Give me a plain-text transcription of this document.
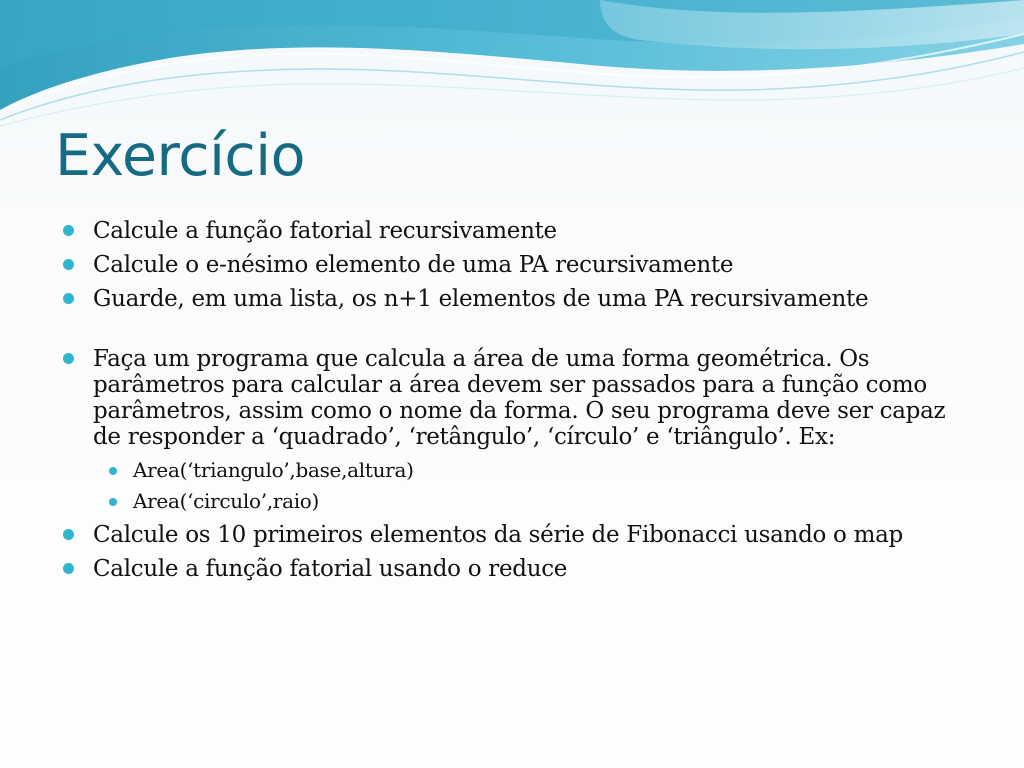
Exercício
Calcule a função fatorial recursivamente
Calcule o e-nésimo elemento de uma PA recursivamente
Guarde, em uma lista, os n+1 elementos de uma PA recursivamente
Faça um programa que calcula a área de uma forma geométrica. Os parâmetros para calcular a área devem ser passados para a função como parâmetros, assim como o nome da forma. O seu programa deve ser capaz de responder a ‘quadrado’, ‘retângulo’, ‘círculo’ e ‘triângulo’. Ex:
Area(‘triangulo’,base,altura)
Area(‘circulo’,raio)
Calcule os 10 primeiros elementos da série de Fibonacci usando o map
Calcule a função fatorial usando o reduce
